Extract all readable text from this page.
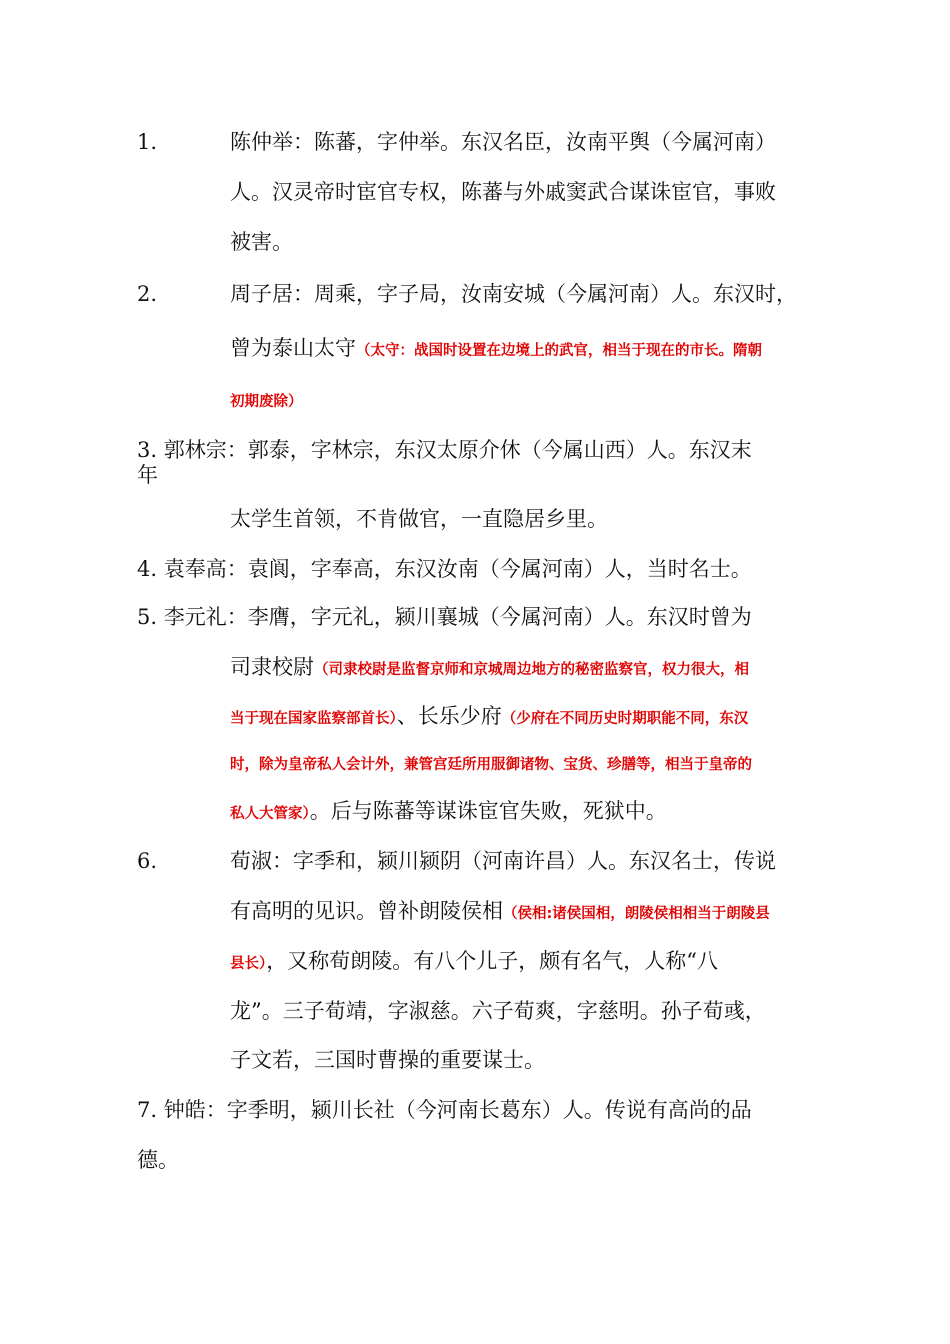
1.	陈仲举：陈蕃，字仲举。东汉名臣，汝南平舆（今属河南）
人。汉灵帝时宦官专权，陈蕃与外戚窦武合谋诛宦官，事败
被害。
2.	周子居：周乘，字子局，汝南安城（今属河南）人。东汉时，
曾为泰山太守（太守：战国时设置在边境上的武官，相当于现在的市长。隋朝
初期废除）
3. 郭林宗：郭泰，字林宗，东汉太原介休（今属山西）人。东汉末
年
太学生首领，不肯做官，一直隐居乡里。
4. 袁奉高：袁阆，字奉高，东汉汝南（今属河南）人，当时名士。
5. 李元礼：李膺，字元礼，颍川襄城（今属河南）人。东汉时曾为
司隶校尉（司隶校尉是监督京师和京城周边地方的秘密监察官，权力很大，相
当于现在国家监察部首长）、长乐少府（少府在不同历史时期职能不同，东汉
时，除为皇帝私人会计外，兼管宫廷所用服御诸物、宝货、珍膳等，相当于皇帝的
私人大管家）。后与陈蕃等谋诛宦官失败，死狱中。
6.	荀淑：字季和，颍川颍阴（河南许昌）人。东汉名士，传说
有高明的见识。曾补朗陵侯相（侯相:诸侯国相，朗陵侯相相当于朗陵县
县长），又称荀朗陵。有八个儿子，颇有名气，人称“八
龙”。三子荀靖，字淑慈。六子荀爽，字慈明。孙子荀彧，
子文若，三国时曹操的重要谋士。
7. 钟皓：字季明，颍川长社（今河南长葛东）人。传说有高尚的品
德。
